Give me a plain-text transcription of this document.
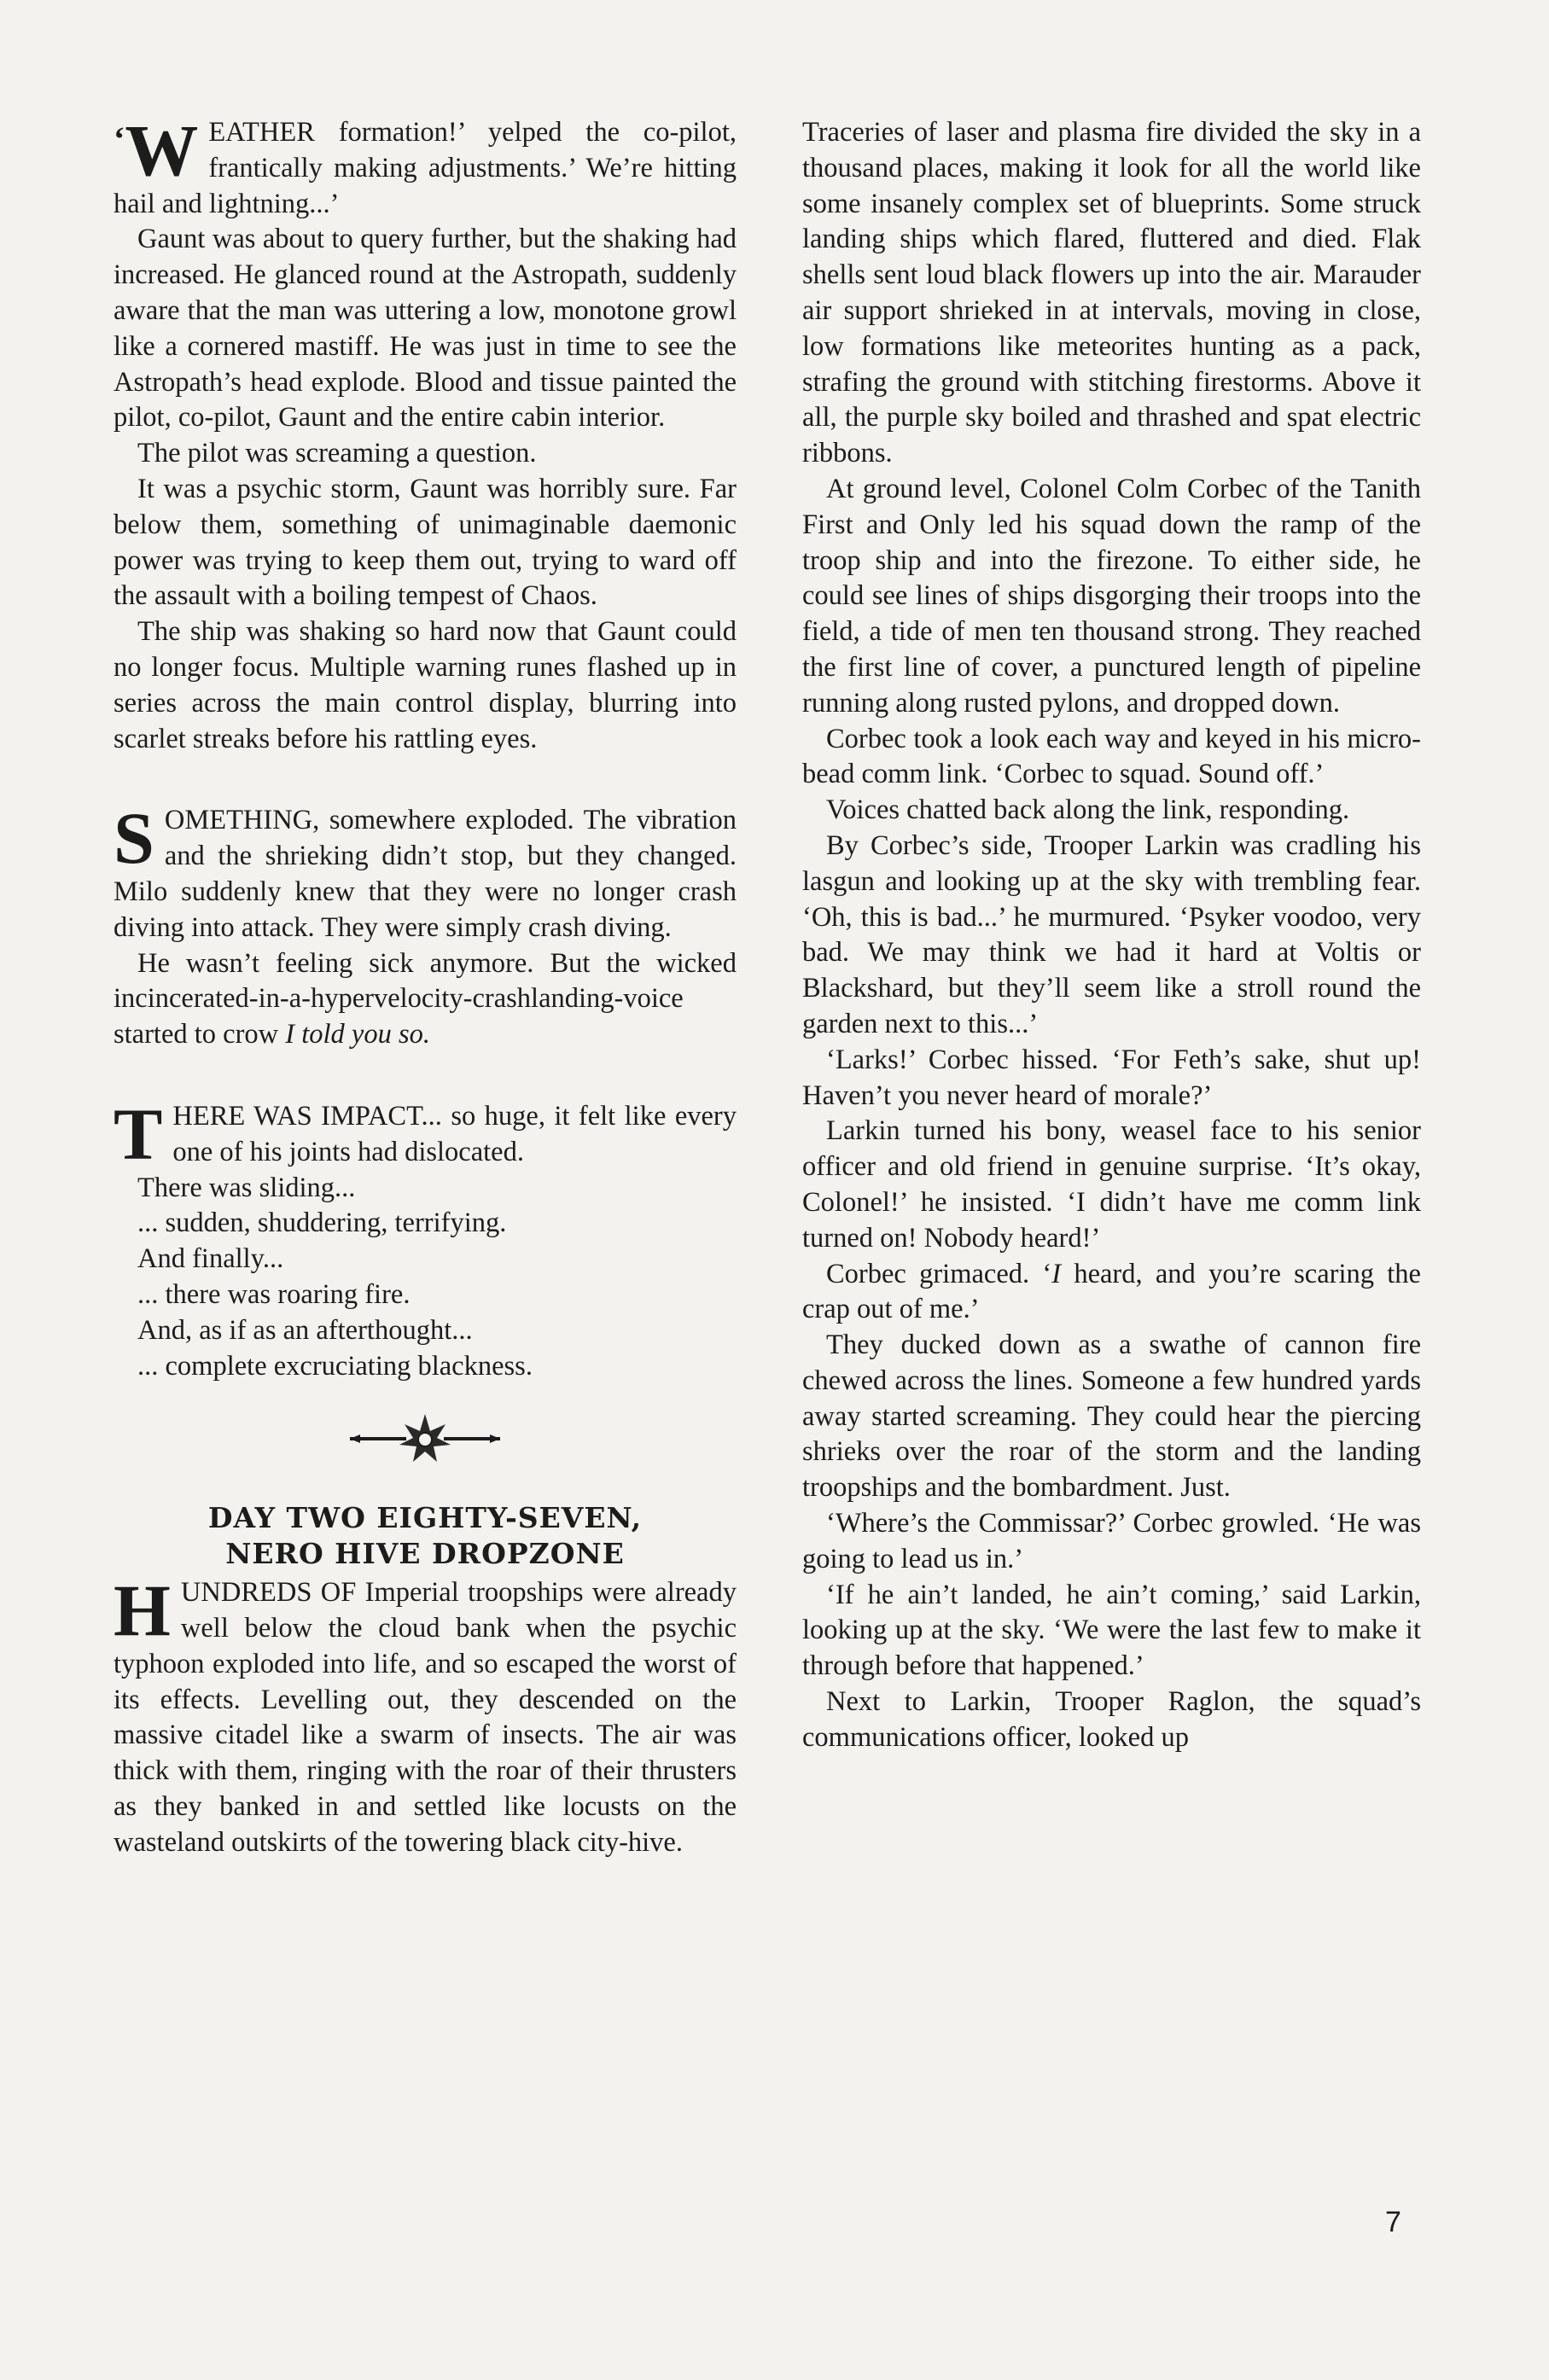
‘W EATHER formation!’ yelped the co-pilot, frantically making adjustments.’ We’re hitting hail and lightning...’

Gaunt was about to query further, but the shaking had increased. He glanced round at the Astropath, suddenly aware that the man was uttering a low, monotone growl like a cornered mastiff. He was just in time to see the Astropath’s head explode. Blood and tissue painted the pilot, co-pilot, Gaunt and the entire cabin interior.

The pilot was screaming a question.

It was a psychic storm, Gaunt was horribly sure. Far below them, something of unimaginable daemonic power was trying to keep them out, trying to ward off the assault with a boiling tempest of Chaos.

The ship was shaking so hard now that Gaunt could no longer focus. Multiple warning runes flashed up in series across the main control display, blurring into scarlet streaks before his rattling eyes.

SOMETHING, somewhere exploded. The vibration and the shrieking didn’t stop, but they changed. Milo suddenly knew that they were no longer crash diving into attack. They were simply crash diving.

He wasn’t feeling sick anymore. But the wicked incincerated-in-a-hypervelocity-crashlanding-voice started to crow I told you so.

THERE WAS IMPACT... so huge, it felt like every one of his joints had dislocated.

There was sliding...

... sudden, shuddering, terrifying.

And finally...

... there was roaring fire.

And, as if as an afterthought...

... complete excruciating blackness.

DAY TWO EIGHTY-SEVEN,
NERO HIVE DROPZONE

HUNDREDS OF Imperial troopships were already well below the cloud bank when the psychic typhoon exploded into life, and so escaped the worst of its effects. Levelling out, they descended on the massive citadel like a swarm of insects. The air was thick with them, ringing with the roar of their thrusters as they banked in and settled like locusts on the wasteland outskirts of the towering black city-hive.

Traceries of laser and plasma fire divided the sky in a thousand places, making it look for all the world like some insanely complex set of blueprints. Some struck landing ships which flared, fluttered and died. Flak shells sent loud black flowers up into the air. Marauder air support shrieked in at intervals, moving in close, low formations like meteorites hunting as a pack, strafing the ground with stitching firestorms. Above it all, the purple sky boiled and thrashed and spat electric ribbons.

At ground level, Colonel Colm Corbec of the Tanith First and Only led his squad down the ramp of the troop ship and into the firezone. To either side, he could see lines of ships disgorging their troops into the field, a tide of men ten thousand strong. They reached the first line of cover, a punctured length of pipeline running along rusted pylons, and dropped down.

Corbec took a look each way and keyed in his micro-bead comm link. ‘Corbec to squad. Sound off.’

Voices chatted back along the link, responding.

By Corbec’s side, Trooper Larkin was cradling his lasgun and looking up at the sky with trembling fear. ‘Oh, this is bad...’ he murmured. ‘Psyker voodoo, very bad. We may think we had it hard at Voltis or Blackshard, but they’ll seem like a stroll round the garden next to this...’

‘Larks!’ Corbec hissed. ‘For Feth’s sake, shut up! Haven’t you never heard of morale?’

Larkin turned his bony, weasel face to his senior officer and old friend in genuine surprise. ‘It’s okay, Colonel!’ he insisted. ‘I didn’t have me comm link turned on! Nobody heard!’

Corbec grimaced. ‘I heard, and you’re scaring the crap out of me.’

They ducked down as a swathe of cannon fire chewed across the lines. Someone a few hundred yards away started screaming. They could hear the piercing shrieks over the roar of the storm and the landing troopships and the bombardment. Just.

‘Where’s the Commissar?’ Corbec growled. ‘He was going to lead us in.’

‘If he ain’t landed, he ain’t coming,’ said Larkin, looking up at the sky. ‘We were the last few to make it through before that happened.’

Next to Larkin, Trooper Raglon, the squad’s communications officer, looked up

7
